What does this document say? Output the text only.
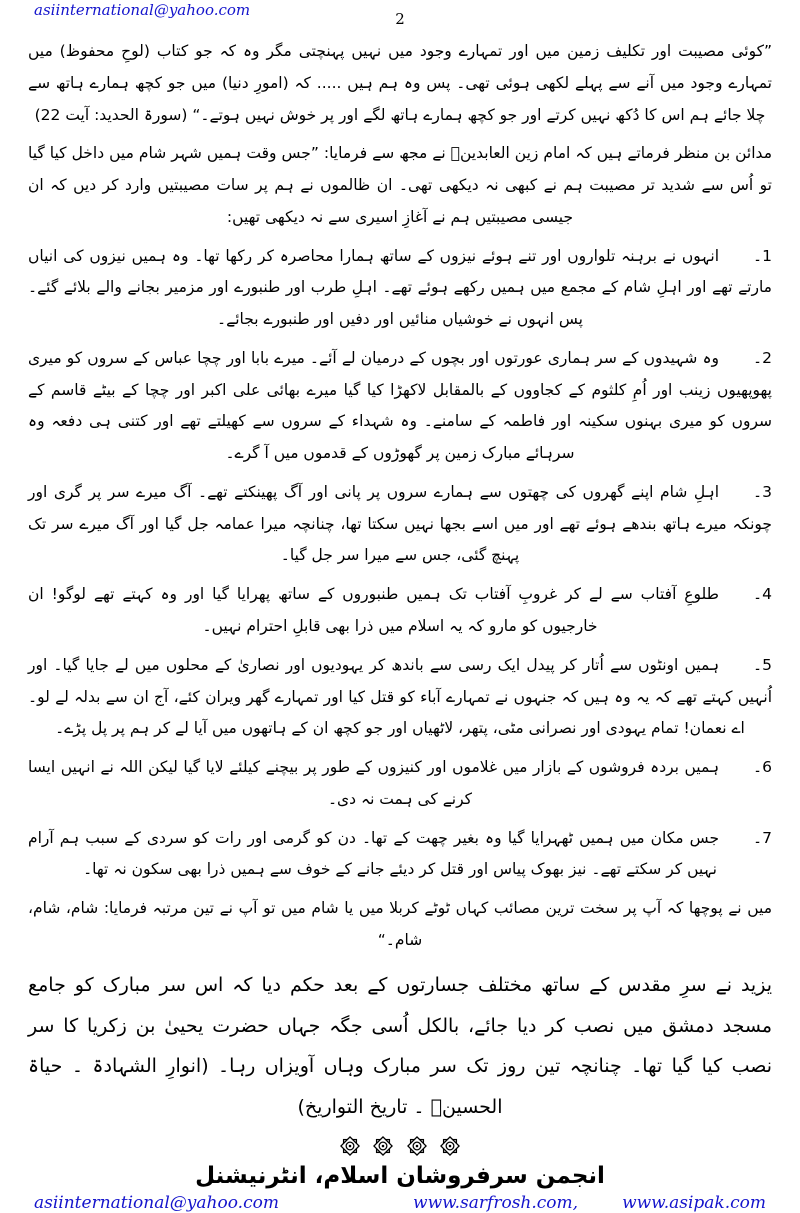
asiinternational@yahoo.com	2

”کوئی مصیبت اور تکلیف زمین میں اور تمہارے وجود میں نہیں پہنچتی مگر وہ کہ جو کتاب (لوحِ محفوظ) میں تمہارے وجود میں آنے سے پہلے لکھی ہوئی تھی۔ پس وہ ہم ہیں ..... کہ (امورِ دنیا) میں جو کچھ ہمارے ہاتھ سے چلا جائے ہم اس کا دُکھ نہیں کرتے اور جو کچھ ہمارے ہاتھ لگے اور پر خوش نہیں ہوتے۔“ (سورۃ الحدید: آیت 22)

مدائن بن منظر فرماتے ہیں کہ امام زین العابدینؑ نے مجھ سے فرمایا: ”جس وقت ہمیں شہر شام میں داخل کیا گیا تو اُس سے شدید تر مصیبت ہم نے کبھی نہ دیکھی تھی۔ ان ظالموں نے ہم پر سات مصیبتیں وارد کر دیں کہ ان جیسی مصیبتیں ہم نے آغازِ اسیری سے نہ دیکھی تھیں:

1۔انہوں نے برہنہ تلواروں اور تنے ہوئے نیزوں کے ساتھ ہمارا محاصرہ کر رکھا تھا۔ وہ ہمیں نیزوں کی انیاں مارتے تھے اور اہلِ شام کے مجمع میں ہمیں رکھے ہوئے تھے۔ اہلِ طرب اور طنبورے اور مزمیر بجانے والے بلائے گئے۔ پس انہوں نے خوشیاں منائیں اور دفیں اور طنبورے بجائے۔

2۔وہ شہیدوں کے سر ہماری عورتوں اور بچوں کے درمیان لے آئے۔ میرے بابا اور چچا عباس کے سروں کو میری پھوپھیوں زینب اور اُمِ کلثوم کے کجاووں کے بالمقابل لاکھڑا کیا گیا میرے بھائی علی اکبر اور چچا کے بیٹے قاسم کے سروں کو میری بہنوں سکینہ اور فاطمہ کے سامنے۔ وہ شہداء کے سروں سے کھیلتے تھے اور کتنی ہی دفعہ وہ سرہائے مبارک زمین پر گھوڑوں کے قدموں میں آ گرے۔

3۔اہلِ شام اپنے گھروں کی چھتوں سے ہمارے سروں پر پانی اور آگ پھینکتے تھے۔ آگ میرے سر پر گری اور چونکہ میرے ہاتھ بندھے ہوئے تھے اور میں اسے بجھا نہیں سکتا تھا، چنانچہ میرا عمامہ جل گیا اور آگ میرے سر تک پہنچ گئی، جس سے میرا سر جل گیا۔

4۔طلوعِ آفتاب سے لے کر غروبِ آفتاب تک ہمیں طنبوروں کے ساتھ پھرایا گیا اور وہ کہتے تھے لوگو! ان خارجیوں کو مارو کہ یہ اسلام میں ذرا بھی قابلِ احترام نہیں۔

5۔ہمیں اونٹوں سے اُتار کر پیدل ایک رسی سے باندھ کر یہودیوں اور نصاریٰ کے محلوں میں لے جایا گیا۔ اور اُنہیں کہتے تھے کہ یہ وہ ہیں کہ جنہوں نے تمہارے آباء کو قتل کیا اور تمہارے گھر ویران کئے، آج ان سے بدلہ لے لو۔ اے نعمان! تمام یہودی اور نصرانی مٹی، پتھر، لاٹھیاں اور جو کچھ ان کے ہاتھوں میں آیا لے کر ہم پر پل پڑے۔

6۔ہمیں بردہ فروشوں کے بازار میں غلاموں اور کنیزوں کے طور پر بیچنے کیلئے لایا گیا لیکن اللہ نے انہیں ایسا کرنے کی ہمت نہ دی۔

7۔جس مکان میں ہمیں ٹھہرایا گیا وہ بغیر چھت کے تھا۔ دن کو گرمی اور رات کو سردی کے سبب ہم آرام نہیں کر سکتے تھے۔ نیز بھوک پیاس اور قتل کر دیئے جانے کے خوف سے ہمیں ذرا بھی سکون نہ تھا۔

میں نے پوچھا کہ آپ پر سخت ترین مصائب کہاں ٹوٹے کربلا میں یا شام میں تو آپ نے تین مرتبہ فرمایا: شام، شام، شام۔“

یزید نے سرِ مقدس کے ساتھ مختلف جسارتوں کے بعد حکم دیا کہ اس سر مبارک کو جامع مسجد دمشق میں نصب کر دیا جائے، بالکل اُسی جگہ جہاں حضرت یحییٰ بن زکریا کا سر نصب کیا گیا تھا۔ چنانچہ تین روز تک سر مبارک وہاں آویزاں رہا۔ (انوارِ الشہادۃ ۔ حیاۃ الحسینؑ ۔ تاریخ التواریخ)

انجمن سرفروشان اسلام، انٹرنیشنل
asiinternational@yahoo.com	www.sarfrosh.com,	www.asipak.com
